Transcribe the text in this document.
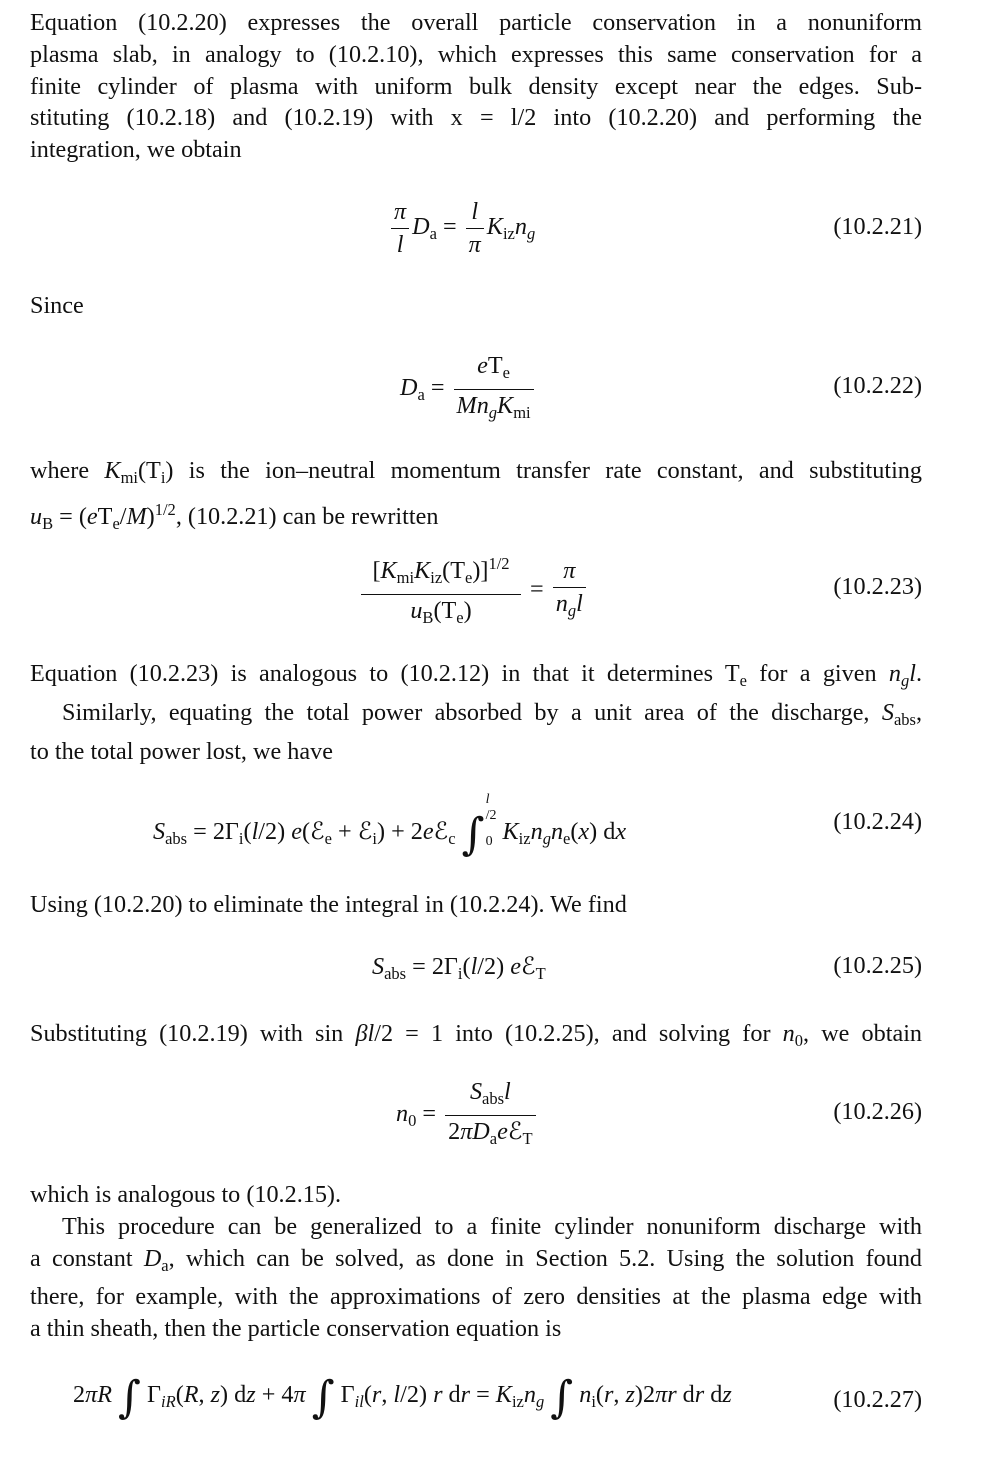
Equation (10.2.20) expresses the overall particle conservation in a nonuniform
plasma slab, in analogy to (10.2.10), which expresses this same conservation for a
finite cylinder of plasma with uniform bulk density except near the edges. Sub-
stituting (10.2.18) and (10.2.19) with x = l/2 into (10.2.20) and performing the
integration, we obtain
$\frac{\pi}{l} D_a = \frac{l}{\pi} K_{iz}n_g$	(10.2.21)
Since
$D_a = \frac{eT_e}{Mn_gK_{mi}}$	(10.2.22)
where $K_{mi}(T_i)$ is the ion–neutral momentum transfer rate constant, and substituting
$u_B = (eT_e/M)^{1/2}$, (10.2.21) can be rewritten
$\frac{[K_{mi}K_{iz}(T_e)]^{1/2}}{u_B(T_e)} = \frac{\pi}{n_gl}$	(10.2.23)
Equation (10.2.23) is analogous to (10.2.12) in that it determines $T_e$ for a given $n_gl$.
Similarly, equating the total power absorbed by a unit area of the discharge, $S_{abs}$,
to the total power lost, we have
$S_{abs} = 2\Gamma_i(l/2)$ e(ℰ$_e$ + ℰ$_i$) + 2eℰ$_c$ ∫
l
/2
0 $K_{iz}n_gn_e(x)$ dx	(10.2.24)
Using (10.2.20) to eliminate the integral in (10.2.24). We find
$S_{abs} = 2\Gamma_i(l/2)$ eℰ$_T$	(10.2.25)
Substituting (10.2.19) with sin βl/2 = 1 into (10.2.25), and solving for $n_0$, we obtain
$n_0 = \frac{S_{abs}l}{2\pi D_aeℰ_T}$	(10.2.26)
which is analogous to (10.2.15).
This procedure can be generalized to a finite cylinder nonuniform discharge with
a constant $D_a$, which can be solved, as done in Section 5.2. Using the solution found
there, for example, with the approximations of zero densities at the plasma edge with
a thin sheath, then the particle conservation equation is
2πR ∫ $\Gamma_{iR}(R$, z) dz + 4π ∫ $\Gamma_{il}(r$, l/2) r dr = $K_{iz}n_g$ ∫ $n_i(r$, z)2πr dr dz	(10.2.27)
